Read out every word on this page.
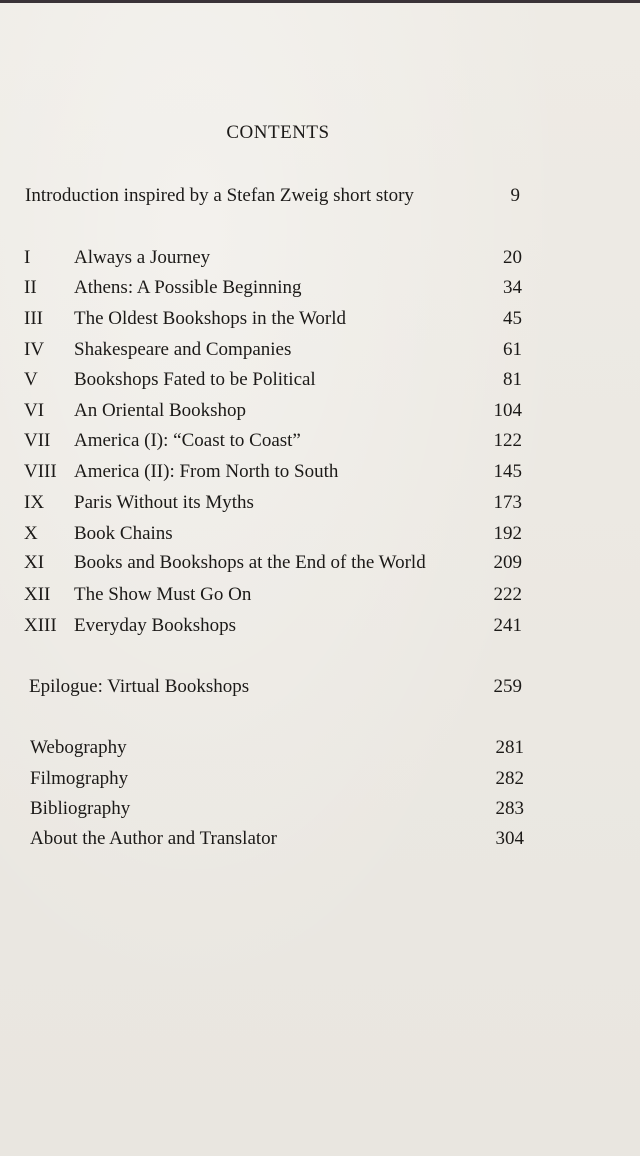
CONTENTS
Introduction inspired by a Stefan Zweig short story	9
I	Always a Journey	20
II	Athens: A Possible Beginning	34
III	The Oldest Bookshops in the World	45
IV	Shakespeare and Companies	61
V	Bookshops Fated to be Political	81
VI	An Oriental Bookshop	104
VII	America (I): “Coast to Coast”	122
VIII America (II): From North to South	145
IX	Paris Without its Myths	173
X	Book Chains	192
XI	Books and Bookshops at the End of the World	209
XII	The Show Must Go On	222
XIII Everyday Bookshops	241
Epilogue: Virtual Bookshops	259
Webography	281
Filmography	282
Bibliography	283
About the Author and Translator	304
